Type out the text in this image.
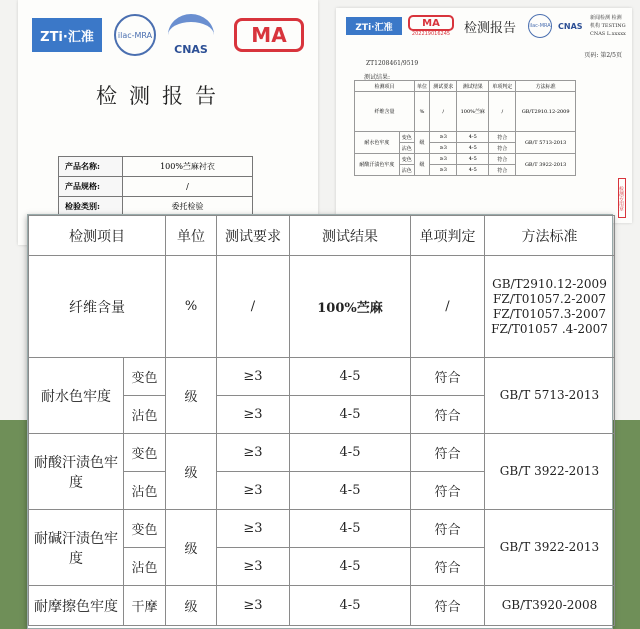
ZTi·汇准	ilac-MRA
CNAS
MA
检测报告
产品名称:	100%苎麻衬衣
产品规格:	/
检验类别:	委托检验
ZTi·汇准	MA
202219016245 检测报告	ilac-MRA CNAS
新闻检测 检测机构 TESTING CNAS L.xxxxx
页码: 第2/5页
ZT1208461/9519
测试结果:
检测项目		单位	测试要求	测试结果	单项判定	方法标准
纤维含量		%	/	100%苎麻	/	GB/T2910.12-2009
耐水色牢度	变色	级	≥3	4-5	符合	GB/T 5713-2013
	沾色		≥3	4-5	符合	
耐酸汗渍色牢度	变色	级	≥3	4-5	符合	GB/T 3922-2013
	沾色		≥3	4-5	符合	
检测专用章
检测项目		单位	测试要求	测试结果	单项判定	方法标准
纤维含量		%	/	100%苎麻	/	GB/T2910.12-2009
FZ/T01057.2-2007
FZ/T01057.3-2007
FZ/T01057 .4-2007

耐水色牢度	变色	级	≥3	4-5	符合	GB/T 5713-2013
	沾色		≥3	4-5	符合	
耐酸汗渍色牢度	变色	级	≥3	4-5	符合	GB/T 3922-2013
	沾色		≥3	4-5	符合	
耐碱汗渍色牢度	变色	级	≥3	4-5	符合	GB/T 3922-2013
	沾色		≥3	4-5	符合	
耐摩擦色牢度	干摩	级	≥3	4-5	符合	GB/T3920-2008
